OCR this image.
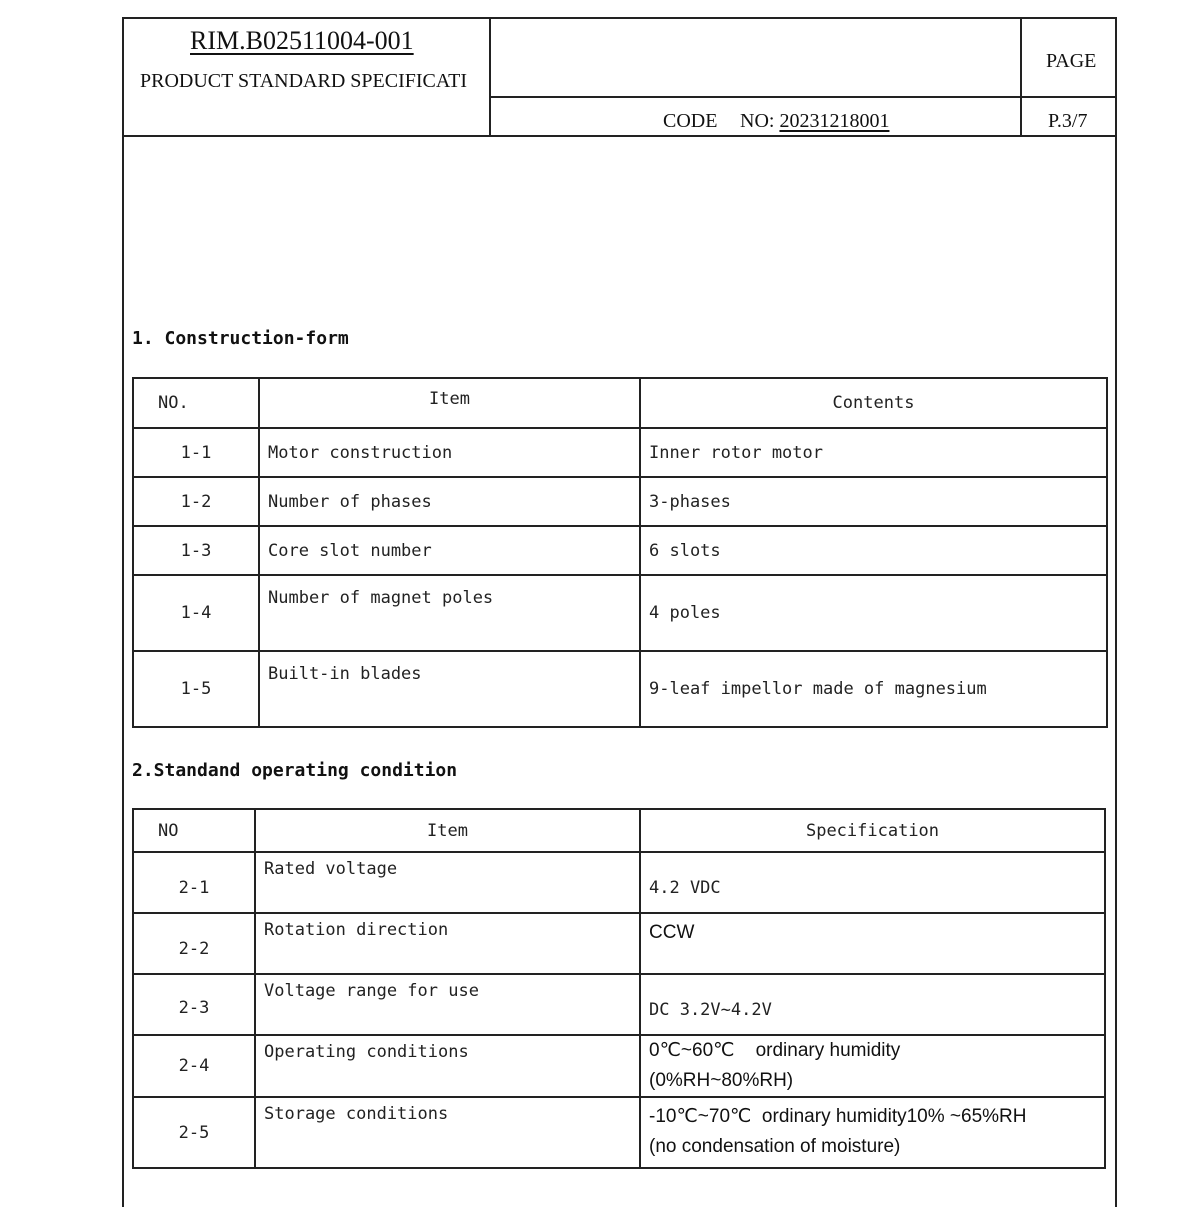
RIM.B02511004-001
PRODUCT STANDARD SPECIFICATI
PAGE
CODE NO: 20231218001	P.3/7
1. Construction-form
NO.	Item	Contents
1-1	Motor construction	Inner rotor motor
1-2	Number of phases	3-phases
1-3	Core slot number	6 slots
1-4	Number of magnet poles	4 poles
1-5	Built-in blades	9-leaf impellor made of magnesium
2.Standand operating condition
NO	Item	Specification
2-1	Rated voltage	4.2 VDC
2-2	Rotation direction	CCW
2-3	Voltage range for use	DC 3.2V~4.2V
2-4	Operating conditions	0℃~60℃    ordinary humidity
(0%RH~80%RH)

2-5	Storage conditions	-10℃~70℃  ordinary humidity10% ~65%RH
(no condensation of moisture)
